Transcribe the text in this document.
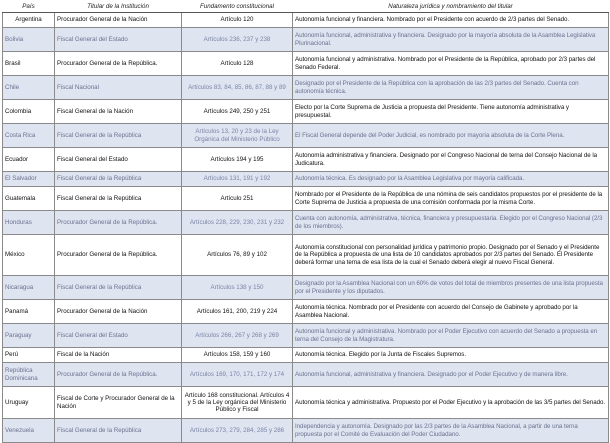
País	Titular de la Institución	Fundamento constitucional	Naturaleza jurídica y nombramiento del titular
Argentina	Procurador General de la Nación	Artículo 120	Autonomía funcional y financiera. Nombrado por el Presidente con acuerdo de 2/3 partes del Senado.
Bolivia	Fiscal General del Estado	Artículos 236, 237 y 238	Autonomía funcional, administrativa y financiera. Designado por la mayoría absoluta de la Asamblea Legislativa Plurinacional.
Brasil	Procurador General de la República.	Artículo 128	Autonomía funcional y administrativa. Nombrado por el Presidente de la República, aprobado por 2/3 partes del Senado Federal.
Chile	Fiscal Nacional	Artículos 83, 84, 85, 86, 87, 88 y 89	Designado por el Presidente de la República con la aprobación de las 2/3 partes del Senado. Cuenta con autonomía técnica.
Colombia	Fiscal General de la Nación	Artículos 249, 250 y 251	Electo por la Corte Suprema de Justicia a propuesta del Presidente. Tiene autonomía administrativa y presupuestal.
Costa Rica	Fiscal General de la República	Artículos 13, 20 y 23 de la Ley Orgánica del Ministerio Público	El Fiscal General depende del Poder Judicial, es nombrado por mayoría absoluta de la Corte Plena.
Ecuador	Fiscal General del Estado	Artículos 194 y 195	Autonomía administrativa y financiera. Designado por el Congreso Nacional de terna del Consejo Nacional de la Judicatura.
El Salvador	Fiscal General de la República	Artículos 131, 191 y 192	Autonomía técnica. Es designado por la Asamblea Legislativa por mayoría calificada.
Guatemala	Fiscal General de la República	Artículo 251	Nombrado por el Presidente de la República de una nómina de seis candidatos propuestos por el presidente de la Corte Suprema de Justicia a propuesta de una comisión conformada por la misma Corte.
Honduras	Procurador General de la República.	Artículos 228, 229, 230, 231 y 232	Cuenta con autonomía, administrativa, técnica, financiera y presupuestaria. Elegido por el Congreso Nacional (2/3 de los miembros).
México	Procurador General de la República.	Artículos 76, 89 y 102	Autonomía constitucional con personalidad jurídica y patrimonio propio. Designado por el Senado y el Presidente de la República a propuesta de una lista de 10 candidatos aprobados por 2/3 partes del Senado. El Presidente deberá formar una terna de esa lista de la cual el Senado deberá elegir al nuevo Fiscal General.
Nicaragua	Fiscal General de la República	Artículos 138 y 150	Designado por la Asamblea Nacional con un 60% de votos del total de miembros presentes de una lista propuesta por el Presidente y los diputados.
Panamá	Procurador General de la Nación	Artículos 161, 200, 219 y 224	Autonomía técnica. Nombrado por el Presidente con acuerdo del Consejo de Gabinete y aprobado por la Asamblea Nacional.
Paraguay	Fiscal General del Estado	Artículos 266, 267 y 268 y 269	Autonomía funcional y administrativa. Nombrado por el Poder Ejecutivo con acuerdo del Senado a propuesta en terna del Consejo de la Magistratura.
Perú	Fiscal de la Nación	Artículos 158, 159 y 160	Autonomía técnica. Elegido por la Junta de Fiscales Supremos.
República Dominicana	Procurador General de la República.	Artículos 169, 170, 171, 172 y 174	Autonomía funcional, administrativa y financiera. Designado por el Poder Ejecutivo y de manera libre.
Uruguay	Fiscal de Corte y Procurador General de la Nación	Artículo 168 constitucional. Artículos 4 y 5 de la Ley orgánica del Ministerio Público y Fiscal	Autonomía técnica y administrativa. Propuesto por el Poder Ejecutivo y la aprobación de las 3/5 partes del Senado.
Venezuela	Fiscal General de la República	Artículos 273, 279, 284, 285 y 286	Independencia y autonomía. Designado por las 2/3 partes de la Asamblea Nacional, a partir de una terna propuesta por el Comité de Evaluación del Poder Ciudadano.
